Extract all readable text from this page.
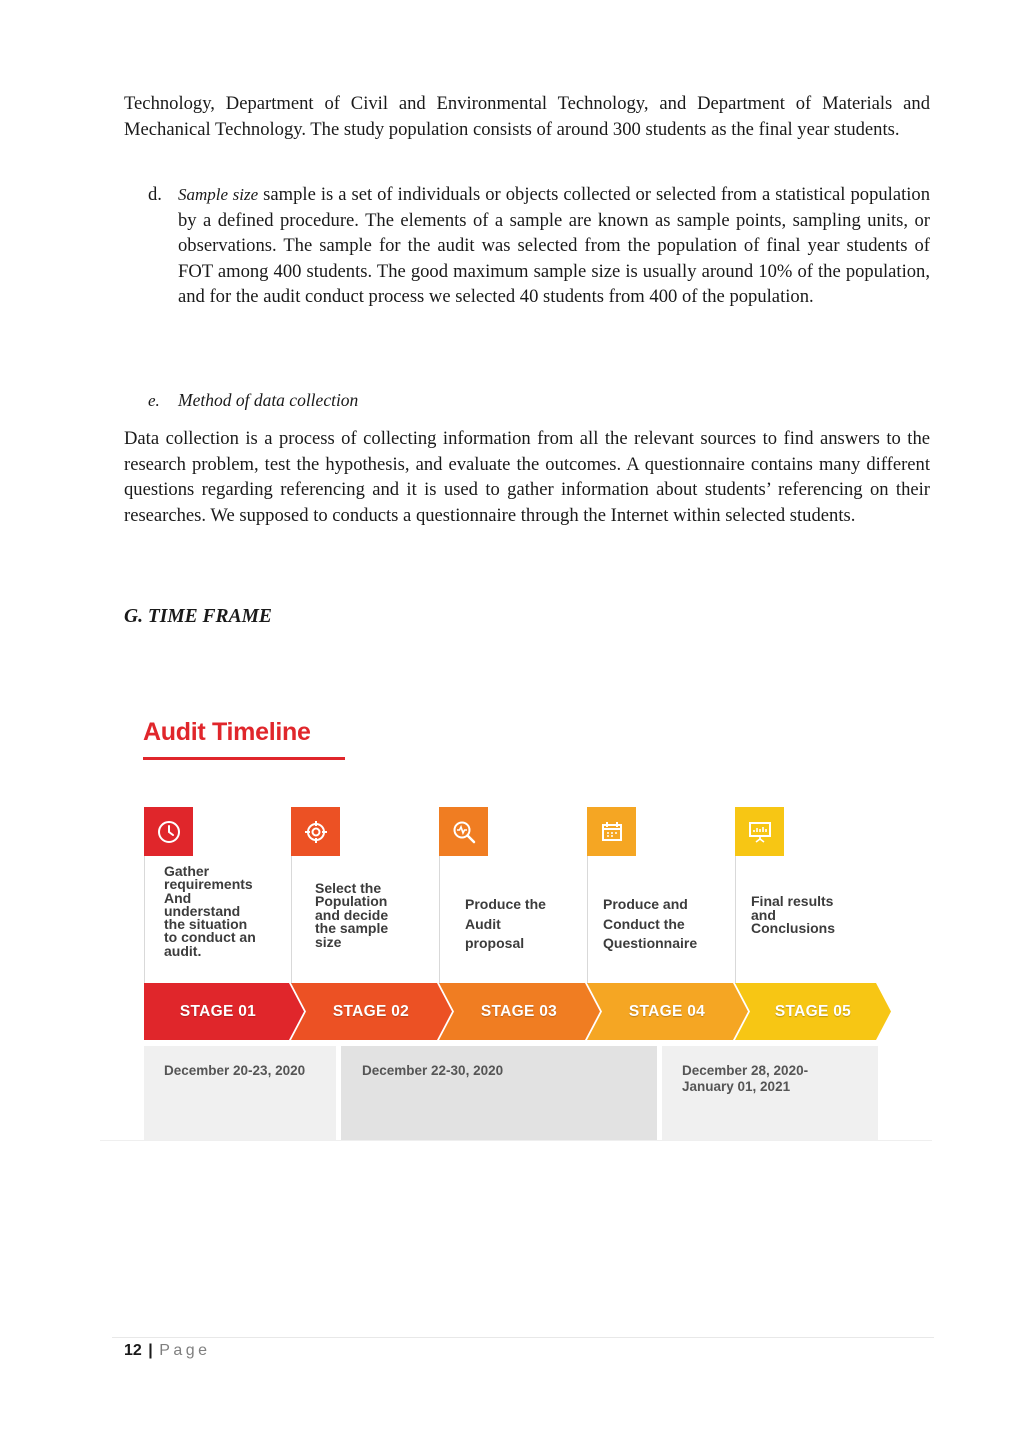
Technology, Department of Civil and Environmental Technology, and Department of Materials and Mechanical Technology. The study population consists of around 300 students as the final year students.

d. Sample size sample is a set of individuals or objects collected or selected from a statistical population by a defined procedure. The elements of a sample are known as sample points, sampling units, or observations. The sample for the audit was selected from the population of final year students of FOT among 400 students. The good maximum sample size is usually around 10% of the population, and for the audit conduct process we selected 40 students from 400 of the population.

e. Method of data collection

Data collection is a process of collecting information from all the relevant sources to find answers to the research problem, test the hypothesis, and evaluate the outcomes. A questionnaire contains many different questions regarding referencing and it is used to gather information about students’ referencing on their researches. We supposed to conducts a questionnaire through the Internet within selected students.

G. TIME FRAME
Audit Timeline
Gather
requirements
And
understand
the situation
to conduct an
audit.
Select the
Population
and decide
the sample
size
Produce the
Audit
proposal
Produce and
Conduct the
Questionnaire
Final results
and
Conclusions
STAGE 01	STAGE 02	STAGE 03	STAGE 04	STAGE 05
December 20-23, 2020	December 22-30, 2020	December 28, 2020-
January 01, 2021
12 | Page
